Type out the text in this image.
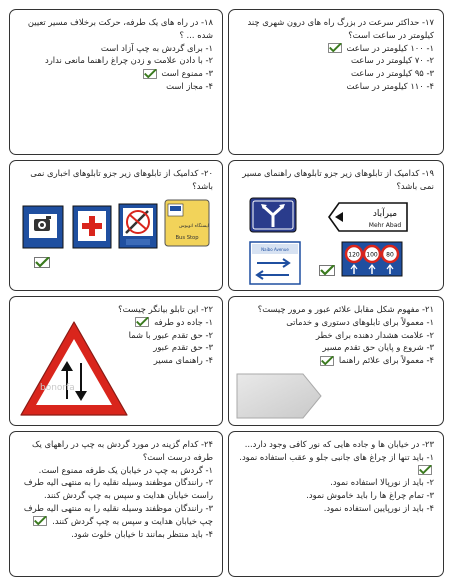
۱۷- حداکثر سرعت در بزرگ راه های درون شهری چند کیلومتر در ساعت است؟
۱- ۱۰۰ کیلومتر در ساعت
۲- ۷۰ کیلومتر در ساعت
۳- ۹۵ کیلومتر در ساعت
۴- ۱۱۰ کیلومتر در ساعت
۱۸- در راه های یک طرفه، حرکت برخلاف مسیر تعیین شده ... ؟
۱- برای گردش به چپ آزاد است
۲- با دادن علامت و زدن چراغ راهنما مانعی ندارد
۳- ممنوع است
۴- مجاز است
۱۹- کدامیک از تابلوهای زیر جزو تابلوهای راهنمای مسیر نمی باشد؟
میرآباد
Mehr Abad
Naibo Avenue
120 100 80
۲۰- کدامیک از تابلوهای زیر جزو تابلوهای اخباری نمی باشد؟
ایستگاه اتوبوس
Bus Stop
۲۱- مفهوم شکل مقابل علائم عبور و مرور چیست؟
۱- معمولاً برای تابلوهای دستوری و خدماتی
۲- علامت هشدار دهنده برای خطر
۳- شروع و پایان حق تقدم مسیر
۴- معمولاً برای علائم راهنما
۲۲- این تابلو بیانگر چیست؟
۱- جاده دو طرفه
۲- حق تقدم عبور با شما
۳- حق تقدم عبور
۴- راهنمای مسیر
bonorfa
۲۳- در خیابان ها و جاده هایی که نور کافی وجود دارد...
۱- باید تنها از چراغ های جانبی جلو و عقب استفاده نمود.
۲- باید از نورپالا استفاده نمود.
۳- تمام چراغ ها را باید خاموش نمود.
۴- باید از نورپایین استفاده نمود.
۲۴- کدام گزینه در مورد گردش به چپ در راههای یک طرفه درست است؟
۱- گردش به چپ در خیابان یک طرفه ممنوع است.
۲- رانندگان موظفند وسیله نقلیه را به منتهی الیه طرف راست خیابان هدایت و سپس به چپ گردش کنند.
۳- رانندگان موظفند وسیله نقلیه را به منتهی الیه طرف چپ خیابان هدایت و سپس به چپ گردش کنند.
۴- باید منتظر بمانند تا خیابان خلوت شود.
